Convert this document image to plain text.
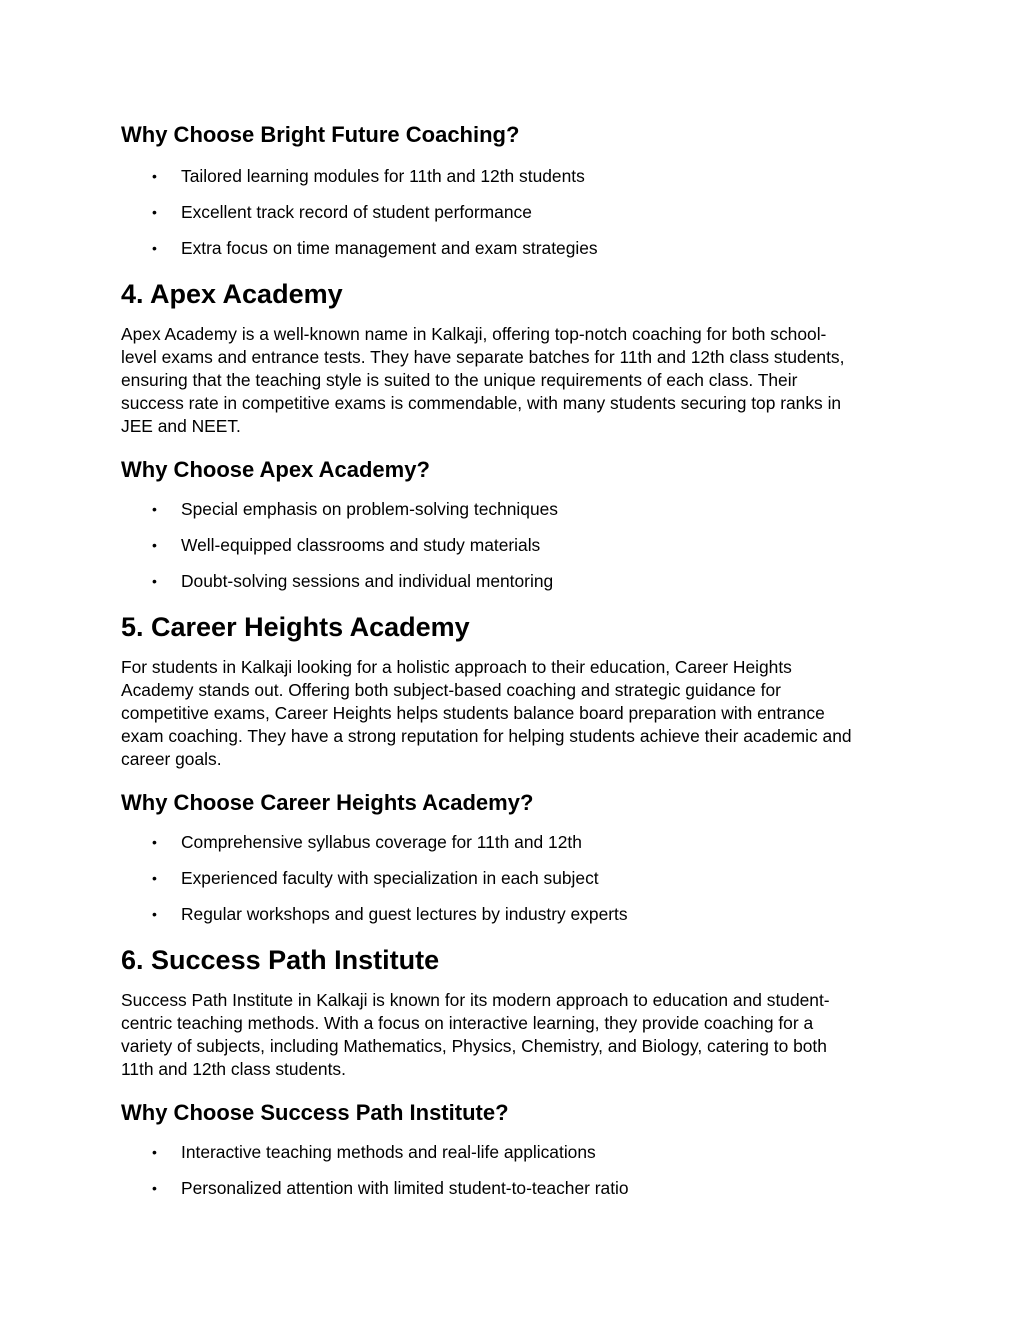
Why Choose Bright Future Coaching?
• Tailored learning modules for 11th and 12th students
• Excellent track record of student performance
• Extra focus on time management and exam strategies
4. Apex Academy

Apex Academy is a well-known name in Kalkaji, offering top-notch coaching for both school-
level exams and entrance tests. They have separate batches for 11th and 12th class students,
ensuring that the teaching style is suited to the unique requirements of each class. Their
success rate in competitive exams is commendable, with many students securing top ranks in
JEE and NEET.

Why Choose Apex Academy?
• Special emphasis on problem-solving techniques
• Well-equipped classrooms and study materials
• Doubt-solving sessions and individual mentoring
5. Career Heights Academy

For students in Kalkaji looking for a holistic approach to their education, Career Heights
Academy stands out. Offering both subject-based coaching and strategic guidance for
competitive exams, Career Heights helps students balance board preparation with entrance
exam coaching. They have a strong reputation for helping students achieve their academic and
career goals.

Why Choose Career Heights Academy?
• Comprehensive syllabus coverage for 11th and 12th
• Experienced faculty with specialization in each subject
• Regular workshops and guest lectures by industry experts
6. Success Path Institute

Success Path Institute in Kalkaji is known for its modern approach to education and student-
centric teaching methods. With a focus on interactive learning, they provide coaching for a
variety of subjects, including Mathematics, Physics, Chemistry, and Biology, catering to both
11th and 12th class students.

Why Choose Success Path Institute?
• Interactive teaching methods and real-life applications
• Personalized attention with limited student-to-teacher ratio
